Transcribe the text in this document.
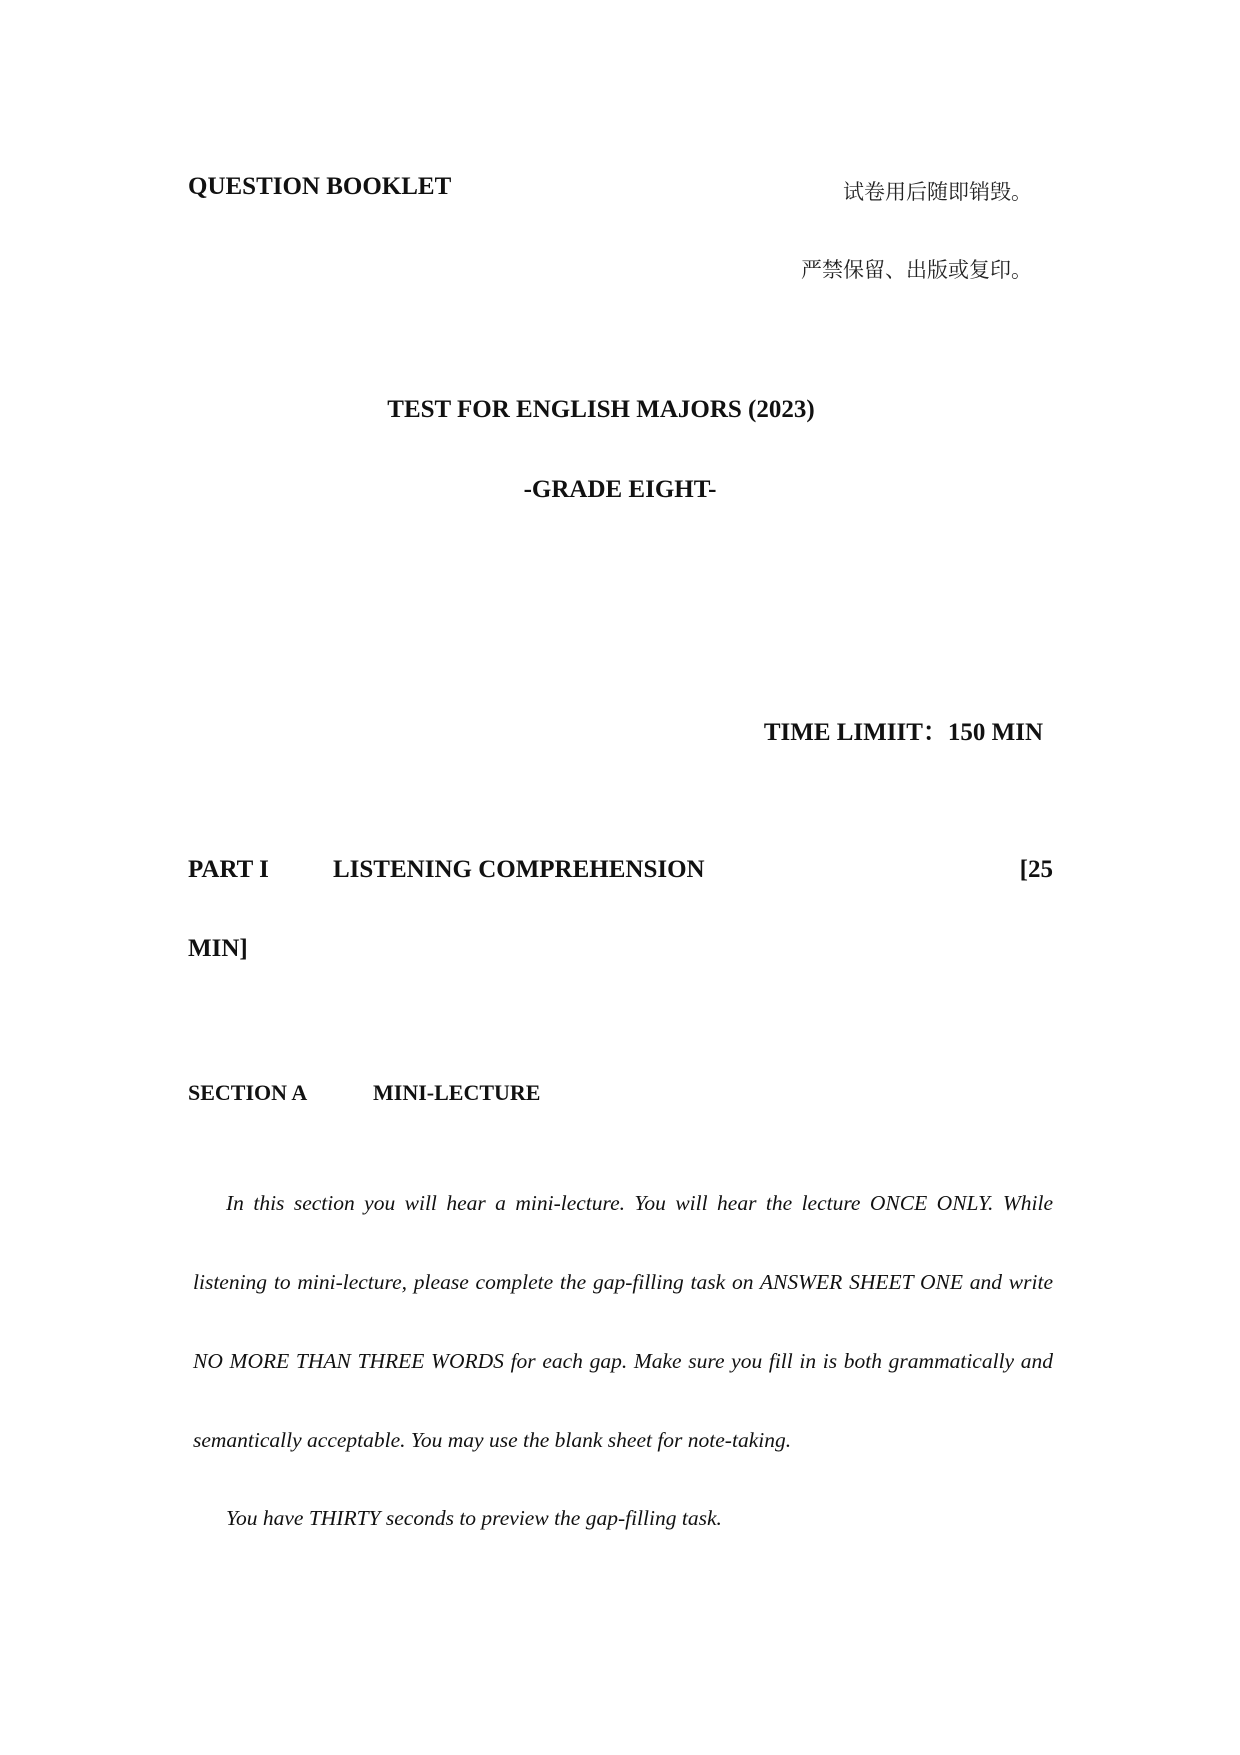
QUESTION BOOKLET	试卷用后随即销毁。
严禁保留、出版或复印。
TEST FOR ENGLISH MAJORS (2023)
-GRADE EIGHT-
TIME LIMIIT：150 MIN
PART I	LISTENING COMPREHENSION	[25
MIN]
SECTION A	MINI-LECTURE

In this section you will hear a mini-lecture. You will hear the lecture ONCE ONLY. While listening to mini-lecture, please complete the gap-filling task on ANSWER SHEET ONE and write NO MORE THAN THREE WORDS for each gap. Make sure you fill in is both grammatically and semantically acceptable. You may use the blank sheet for note-taking.

You have THIRTY seconds to preview the gap-filling task.
